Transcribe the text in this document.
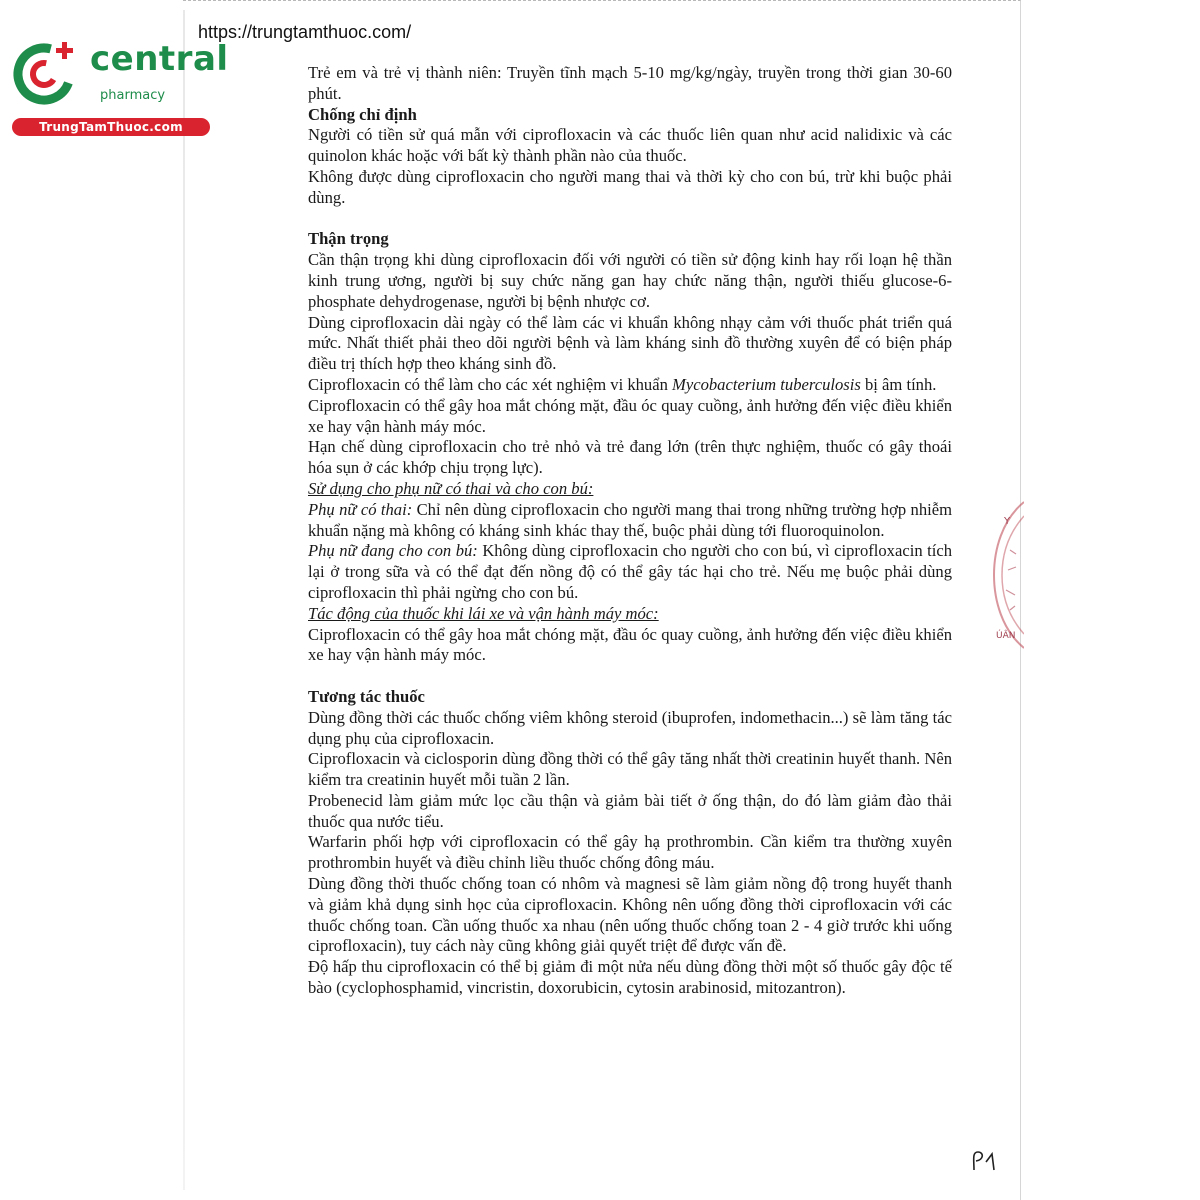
central
pharmacy
TrungTamThuoc.com
https://trungtamthuoc.com/

Trẻ em và trẻ vị thành niên: Truyền tĩnh mạch 5-10 mg/kg/ngày, truyền trong thời gian 30-60 phút.

Chống chỉ định

Người có tiền sử quá mẫn với ciprofloxacin và các thuốc liên quan như acid nalidixic và các quinolon khác hoặc với bất kỳ thành phần nào của thuốc.

Không được dùng ciprofloxacin cho người mang thai và thời kỳ cho con bú, trừ khi buộc phải dùng.

Thận trọng

Cần thận trọng khi dùng ciprofloxacin đối với người có tiền sử động kinh hay rối loạn hệ thần kinh trung ương, người bị suy chức năng gan hay chức năng thận, người thiếu glucose-6- phosphate dehydrogenase, người bị bệnh nhược cơ.

Dùng ciprofloxacin dài ngày có thể làm các vi khuẩn không nhạy cảm với thuốc phát triển quá mức. Nhất thiết phải theo dõi người bệnh và làm kháng sinh đồ thường xuyên để có biện pháp điều trị thích hợp theo kháng sinh đồ.

Ciprofloxacin có thể làm cho các xét nghiệm vi khuẩn Mycobacterium tuberculosis bị âm tính.

Ciprofloxacin có thể gây hoa mắt chóng mặt, đầu óc quay cuồng, ảnh hưởng đến việc điều khiển xe hay vận hành máy móc.

Hạn chế dùng ciprofloxacin cho trẻ nhỏ và trẻ đang lớn (trên thực nghiệm, thuốc có gây thoái hóa sụn ở các khớp chịu trọng lực).

Sử dụng cho phụ nữ có thai và cho con bú:

Phụ nữ có thai: Chỉ nên dùng ciprofloxacin cho người mang thai trong những trường hợp nhiễm khuẩn nặng mà không có kháng sinh khác thay thế, buộc phải dùng tới fluoroquinolon.

Phụ nữ đang cho con bú: Không dùng ciprofloxacin cho người cho con bú, vì ciprofloxacin tích lại ở trong sữa và có thể đạt đến nồng độ có thể gây tác hại cho trẻ. Nếu mẹ buộc phải dùng ciprofloxacin thì phải ngừng cho con bú.

Tác động của thuốc khi lái xe và vận hành máy móc:

Ciprofloxacin có thể gây hoa mắt chóng mặt, đầu óc quay cuồng, ảnh hưởng đến việc điều khiển xe hay vận hành máy móc.

Tương tác thuốc

Dùng đồng thời các thuốc chống viêm không steroid (ibuprofen, indomethacin...) sẽ làm tăng tác dụng phụ của ciprofloxacin.

Ciprofloxacin và ciclosporin dùng đồng thời có thể gây tăng nhất thời creatinin huyết thanh. Nên kiểm tra creatinin huyết mỗi tuần 2 lần.

Probenecid làm giảm mức lọc cầu thận và giảm bài tiết ở ống thận, do đó làm giảm đào thải thuốc qua nước tiểu.

Warfarin phối hợp với ciprofloxacin có thể gây hạ prothrombin. Cần kiểm tra thường xuyên prothrombin huyết và điều chỉnh liều thuốc chống đông máu.

Dùng đồng thời thuốc chống toan có nhôm và magnesi sẽ làm giảm nồng độ trong huyết thanh và giảm khả dụng sinh học của ciprofloxacin. Không nên uống đồng thời ciprofloxacin với các thuốc chống toan. Cần uống thuốc xa nhau (nên uống thuốc chống toan 2 - 4 giờ trước khi uống ciprofloxacin), tuy cách này cũng không giải quyết triệt để được vấn đề.

Độ hấp thu ciprofloxacin có thể bị giảm đi một nửa nếu dùng đồng thời một số thuốc gây độc tế bào (cyclophosphamid, vincristin, doxorubicin, cytosin arabinosid, mitozantron).

Y
ÚÂN
